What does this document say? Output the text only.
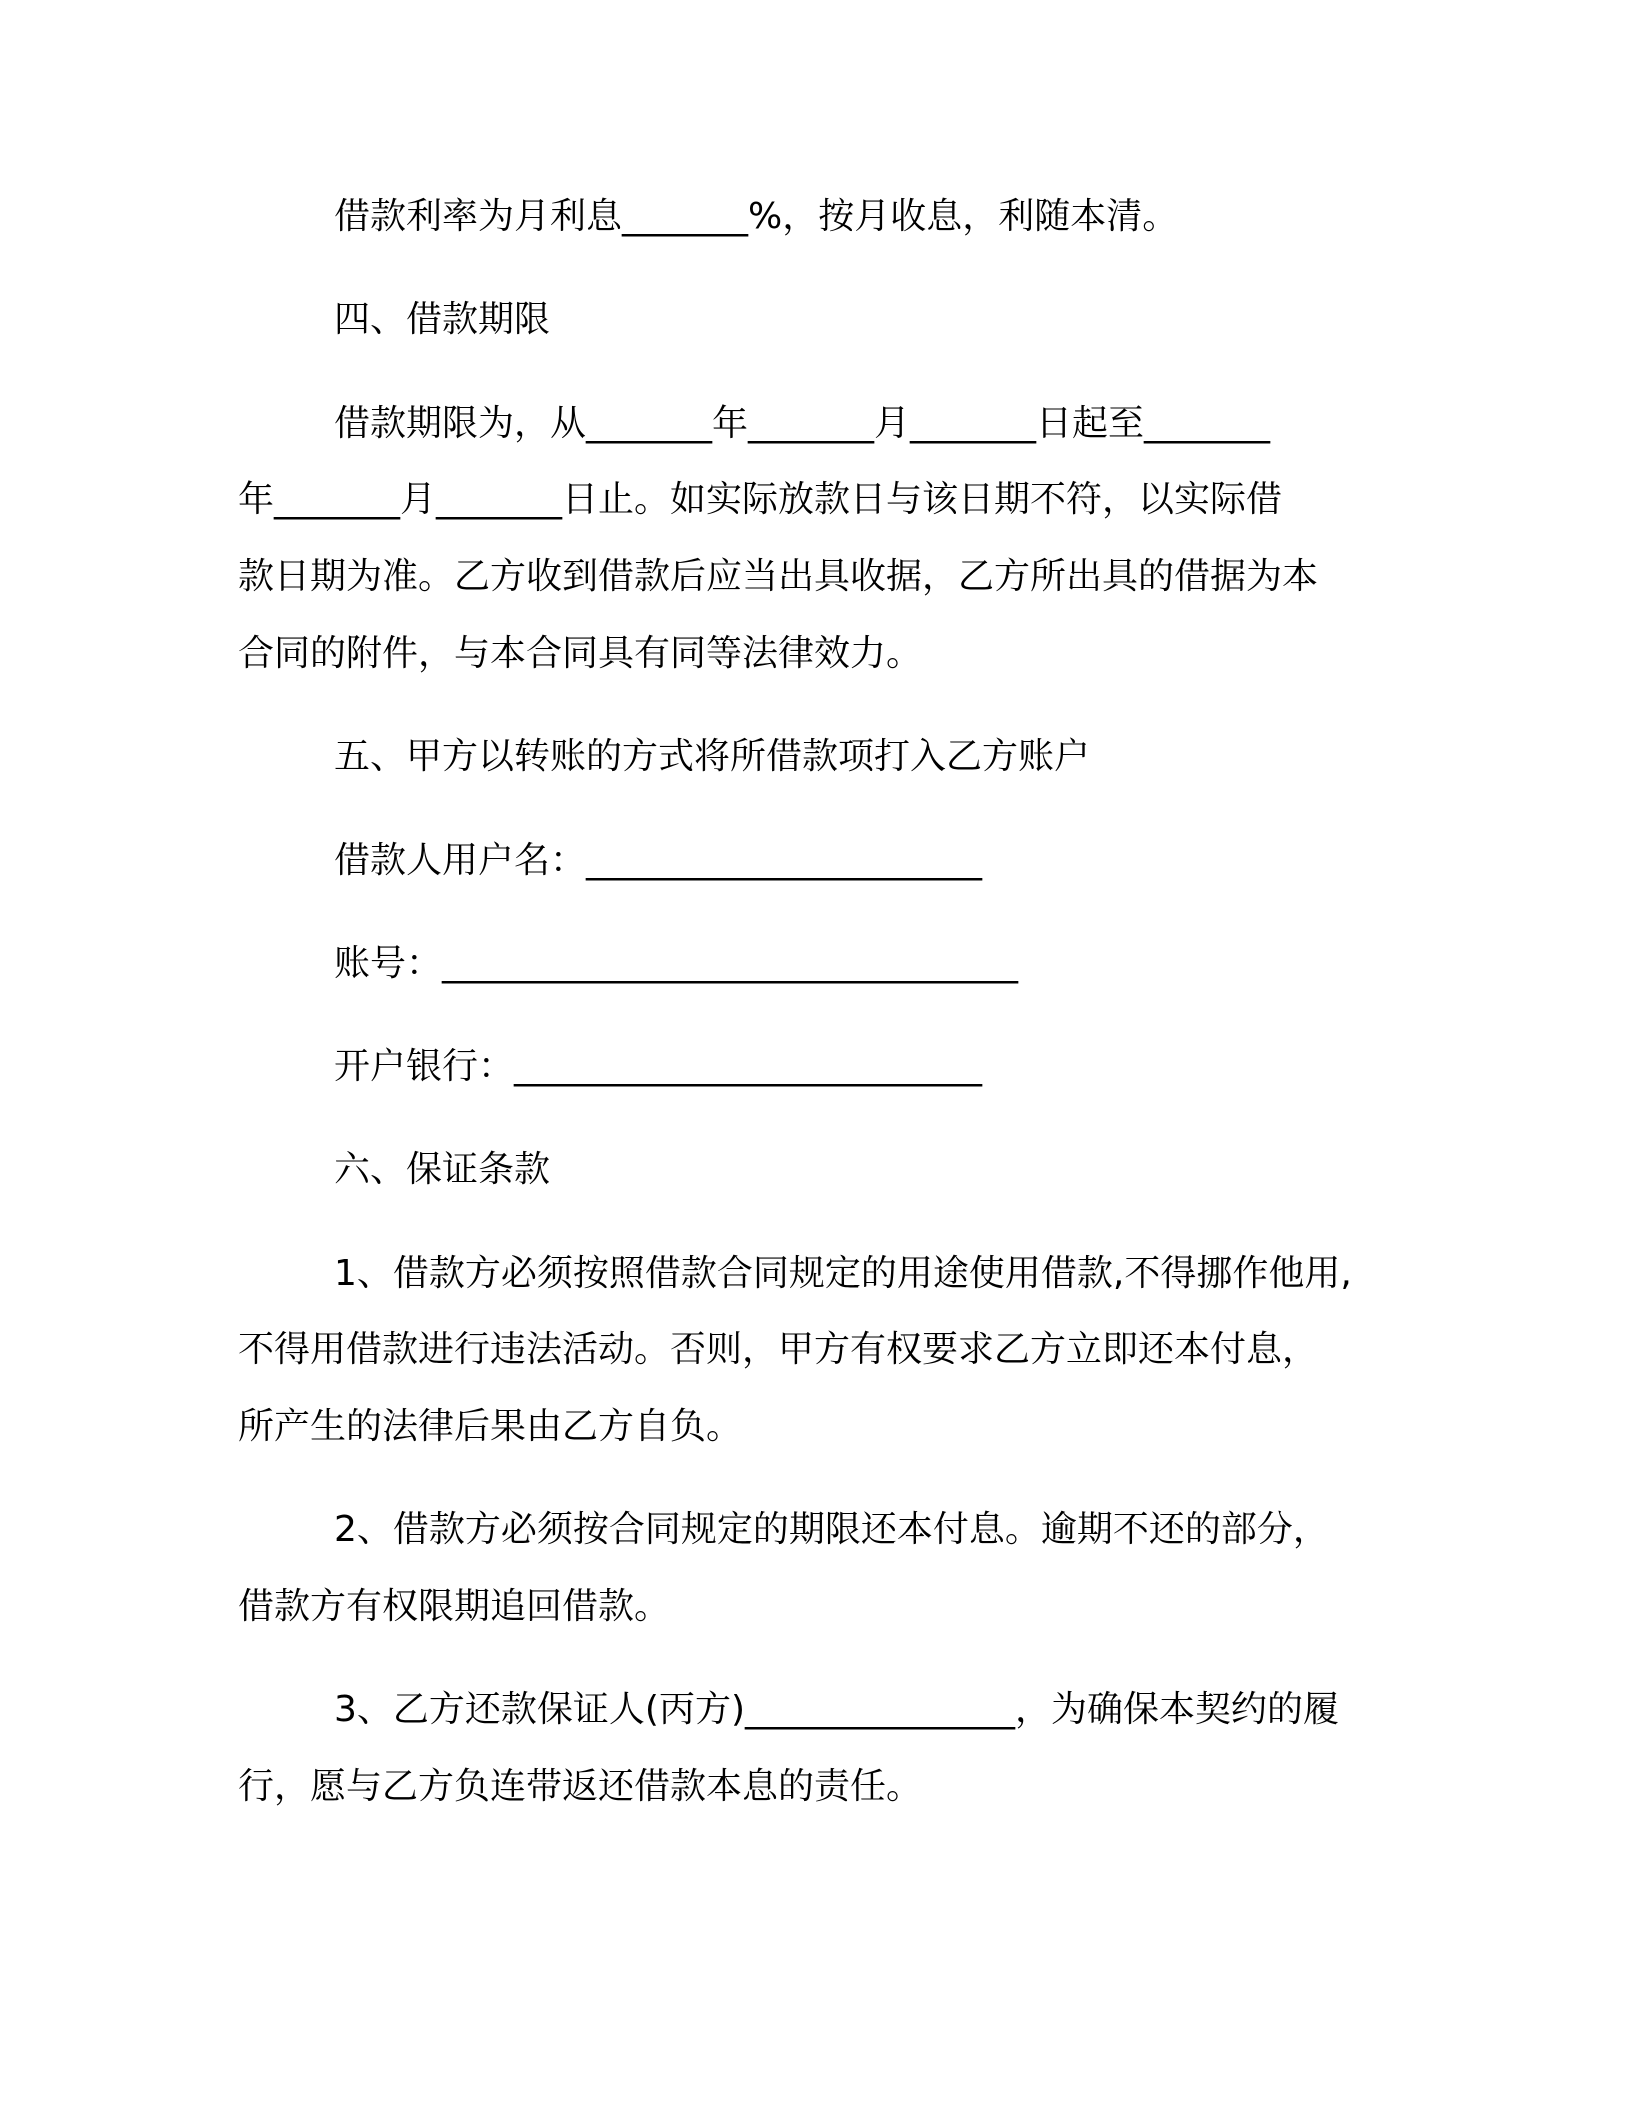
借款利率为月利息_______%，按月收息，利随本清。
四、借款期限
借款期限为，从_______年_______月_______日起至_______
年_______月_______日止。如实际放款日与该日期不符，以实际借
款日期为准。乙方收到借款后应当出具收据，乙方所出具的借据为本
合同的附件，与本合同具有同等法律效力。
五、甲方以转账的方式将所借款项打入乙方账户
借款人用户名：______________________
账号：________________________________
开户银行：__________________________
六、保证条款
1、借款方必须按照借款合同规定的用途使用借款,不得挪作他用,
不得用借款进行违法活动。否则，甲方有权要求乙方立即还本付息，
所产生的法律后果由乙方自负。
2、借款方必须按合同规定的期限还本付息。逾期不还的部分，
借款方有权限期追回借款。
3、乙方还款保证人(丙方)_______________，为确保本契约的履
行，愿与乙方负连带返还借款本息的责任。
